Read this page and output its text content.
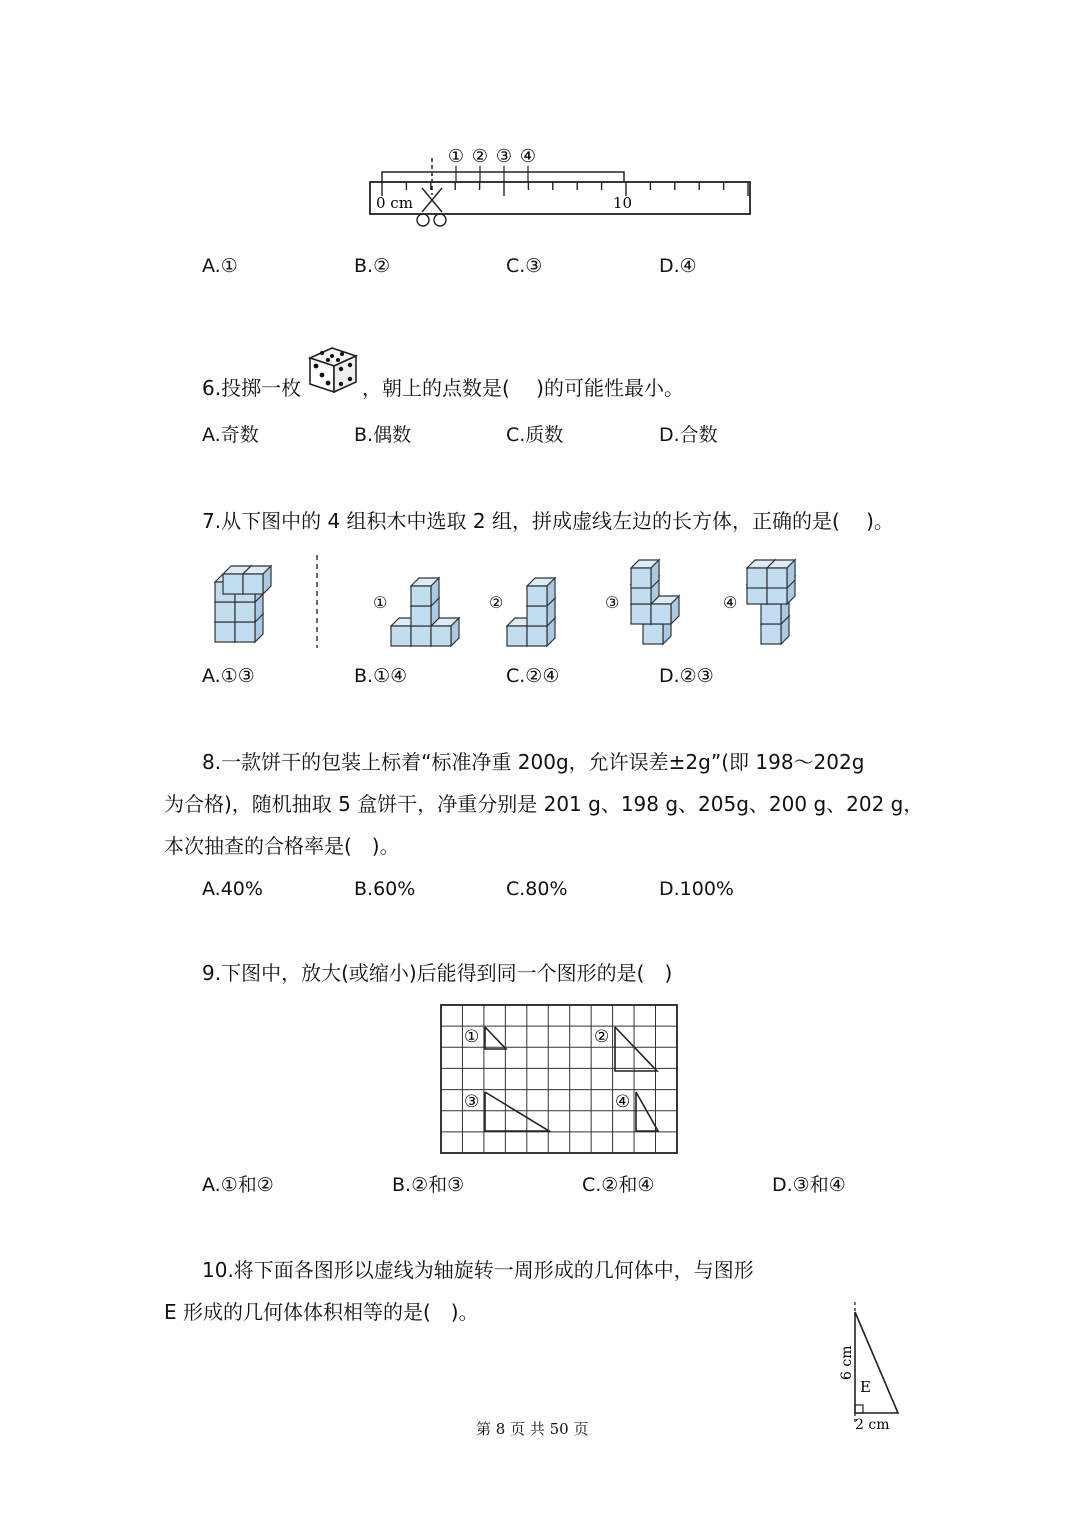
① ② ③ ④
0 cm	10
A.①	B.②	C.③	D.④
6.投掷一枚	，朝上的点数是(　 )的可能性最小。
A.奇数	B.偶数	C.质数	D.合数
7.从下图中的 4 组积木中选取 2 组，拼成虚线左边的长方体，正确的是(　 )。
①	②	③	④
A.①③	B.①④	C.②④	D.②③
8.一款饼干的包装上标着“标准净重 200g，允许误差±2g”(即 198～202g
为合格)，随机抽取 5 盒饼干，净重分别是 201 g、198 g、205g、200 g、202 g，
本次抽查的合格率是(　)。
A.40%	B.60%	C.80%	D.100%
9.下图中，放大(或缩小)后能得到同一个图形的是(　)
①	②
③	④
A.①和②	B.②和③	C.②和④	D.③和④
10.将下面各图形以虚线为轴旋转一周形成的几何体中，与图形
E 形成的几何体体积相等的是(　)。
E
6 cm
2 cm
第 8 页 共 50 页
